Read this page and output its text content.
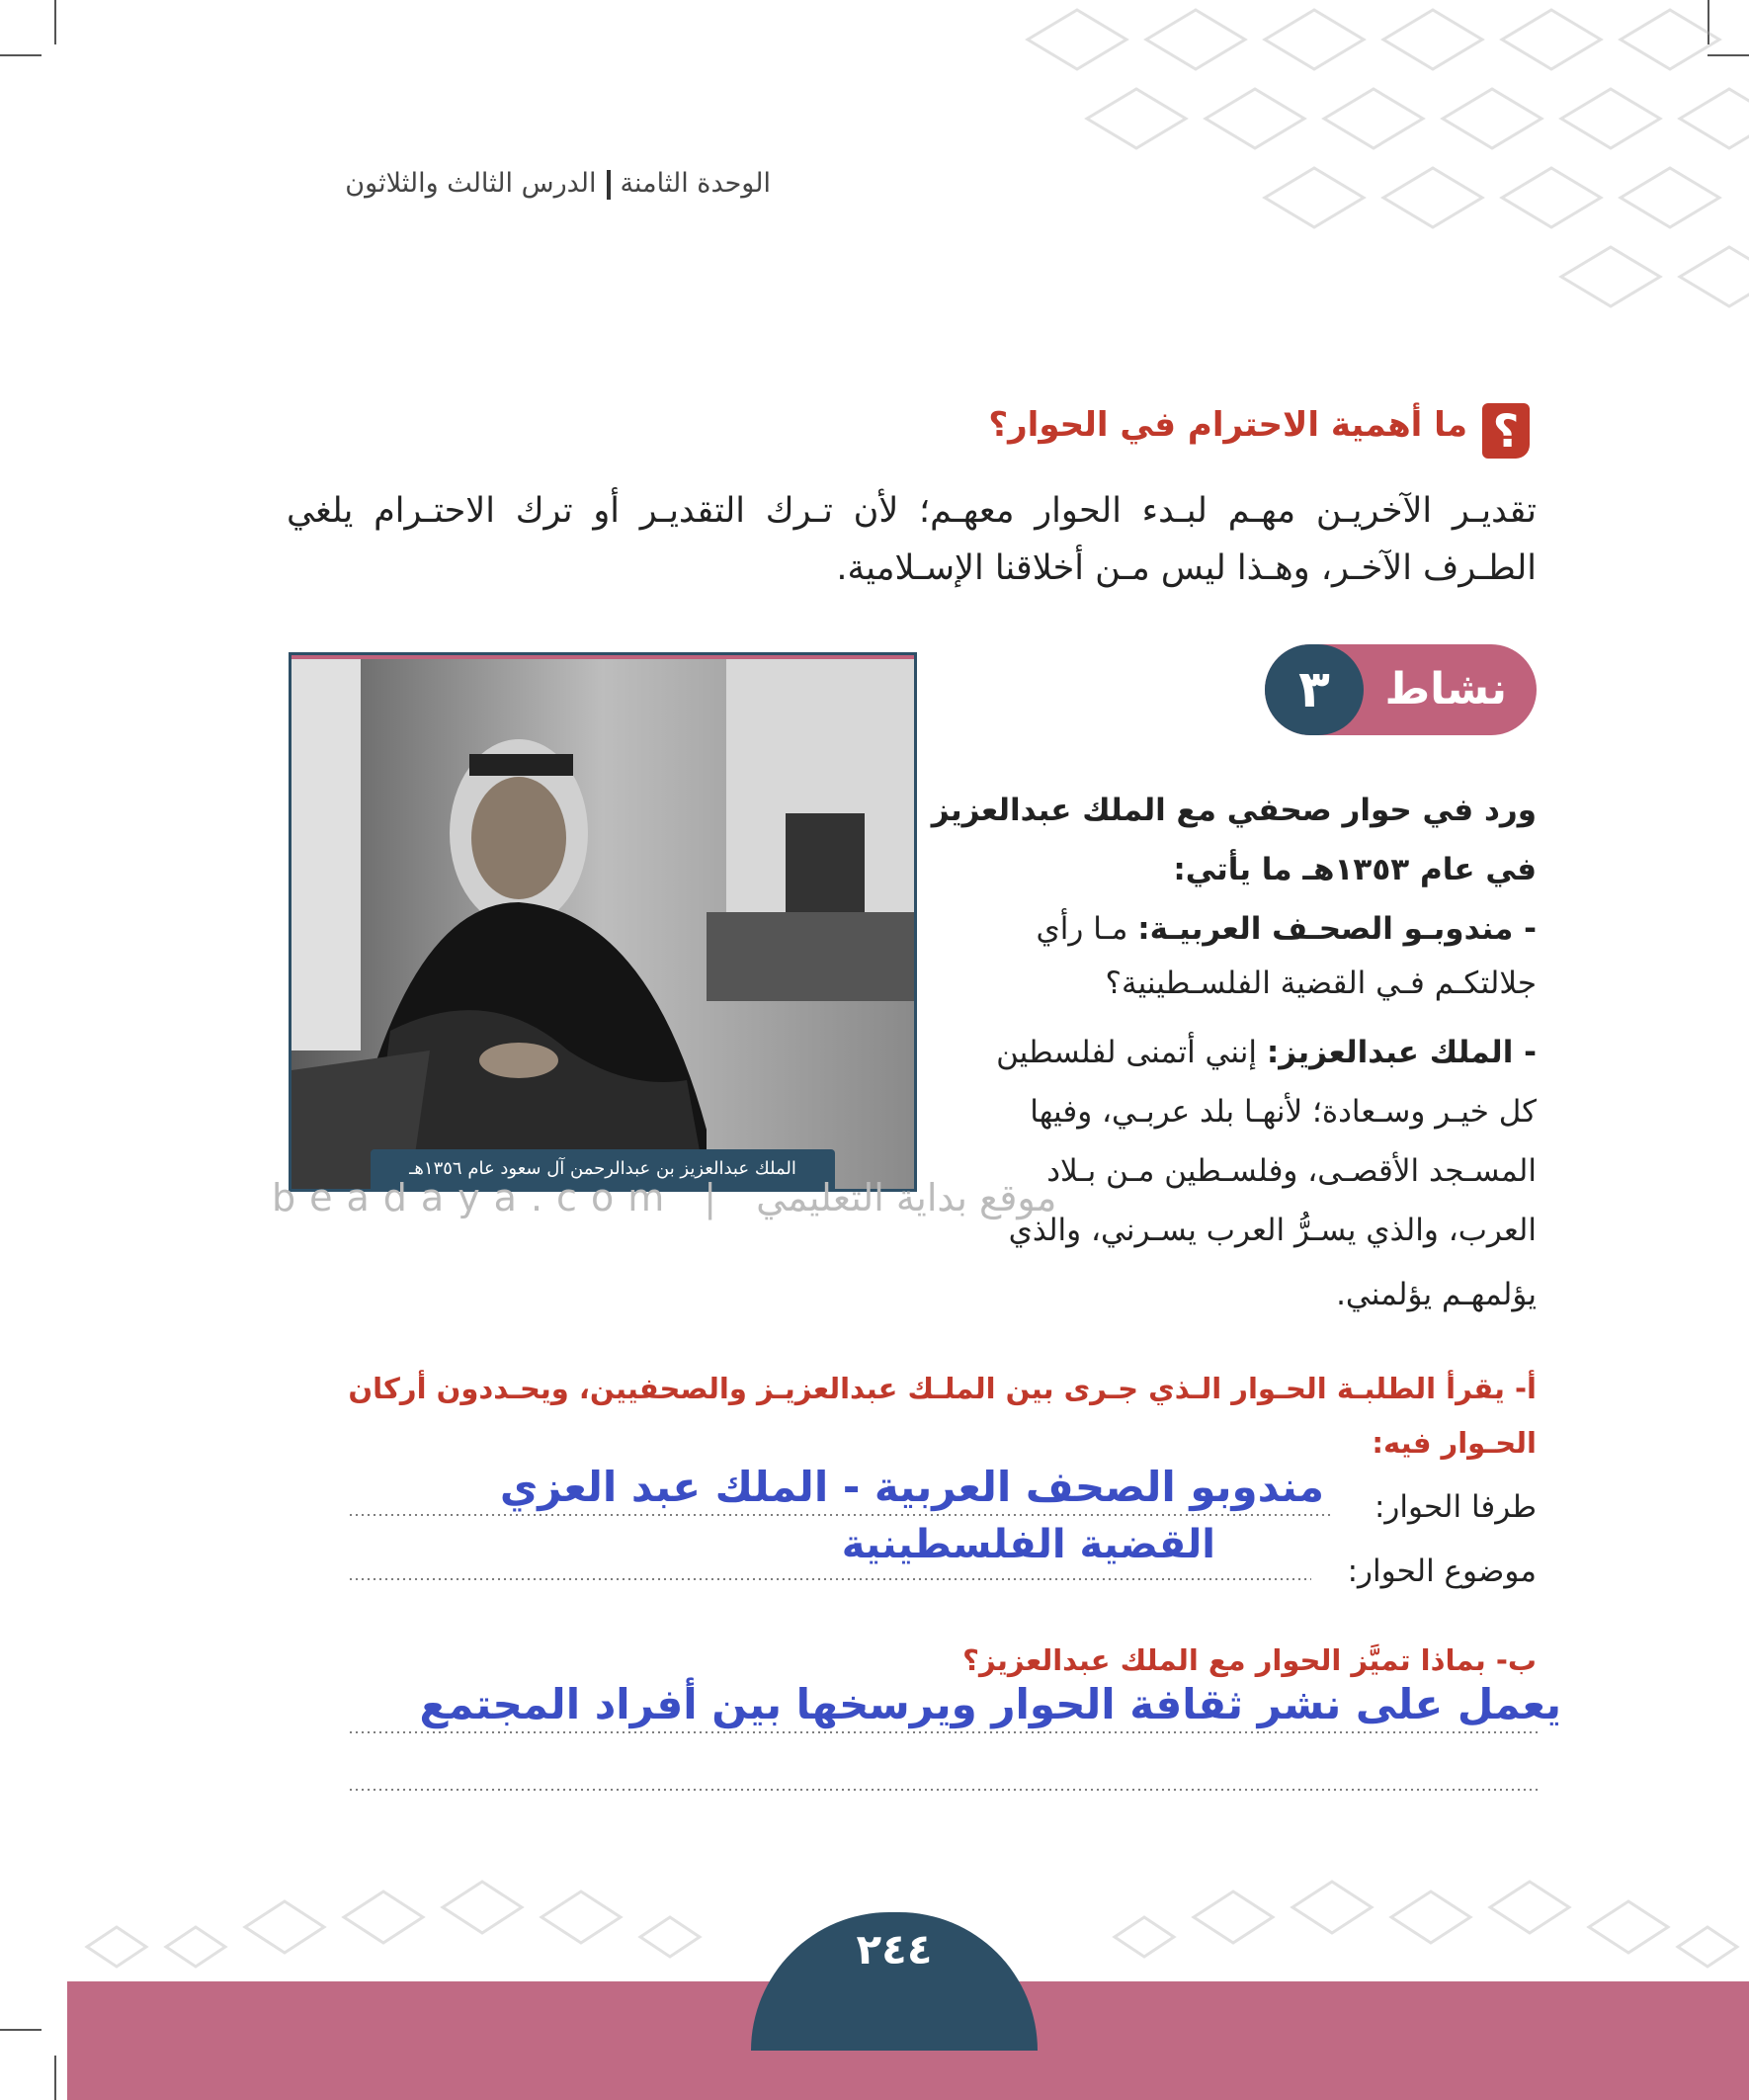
الوحدة الثامنةالدرس الثالث والثلاثون
؟
ما أهمية الاحترام في الحوار؟
تقديـر الآخريـن مهـم لبـدء الحوار معهـم؛ لأن تـرك التقديـر أو ترك الاحتـرام يلغي
الطـرف الآخـر، وهـذا ليس مـن أخلاقنا الإسـلامية.
نشاط
٣
الملك عبدالعزيز بن عبدالرحمن آل سعود عام ١٣٥٦هـ
beadaya.com | موقع بداية التعليمي
ورد في حوار صحفي مع الملك عبدالعزيز
في عام ١٣٥٣هـ ما يأتي:
- مندوبـو الصحـف العربيـة: مـا رأي
جلالتكـم فـي القضية الفلسـطينية؟
- الملك عبدالعزيز: إنني أتمنى لفلسطين
كل خيـر وسـعادة؛ لأنهـا بلد عربـي، وفيها
المسـجد الأقصـى، وفلسـطين مـن بـلاد
العرب، والذي يسـرُّ العرب يسـرني، والذي
يؤلمهـم يؤلمني.
أ- يقرأ الطلبـة الحـوار الـذي جـرى بين الملـك عبدالعزيـز والصحفيين، ويحـددون أركان
الحـوار فيه:
طرفا الحوار:
مندوبو الصحف العربية - الملك عبد العزي
موضوع الحوار:
القضية الفلسطينية
ب- بماذا تميَّز الحوار مع الملك عبدالعزيز؟
يعمل على نشر ثقافة الحوار ويرسخها بين أفراد المجتمع
٢٤٤
